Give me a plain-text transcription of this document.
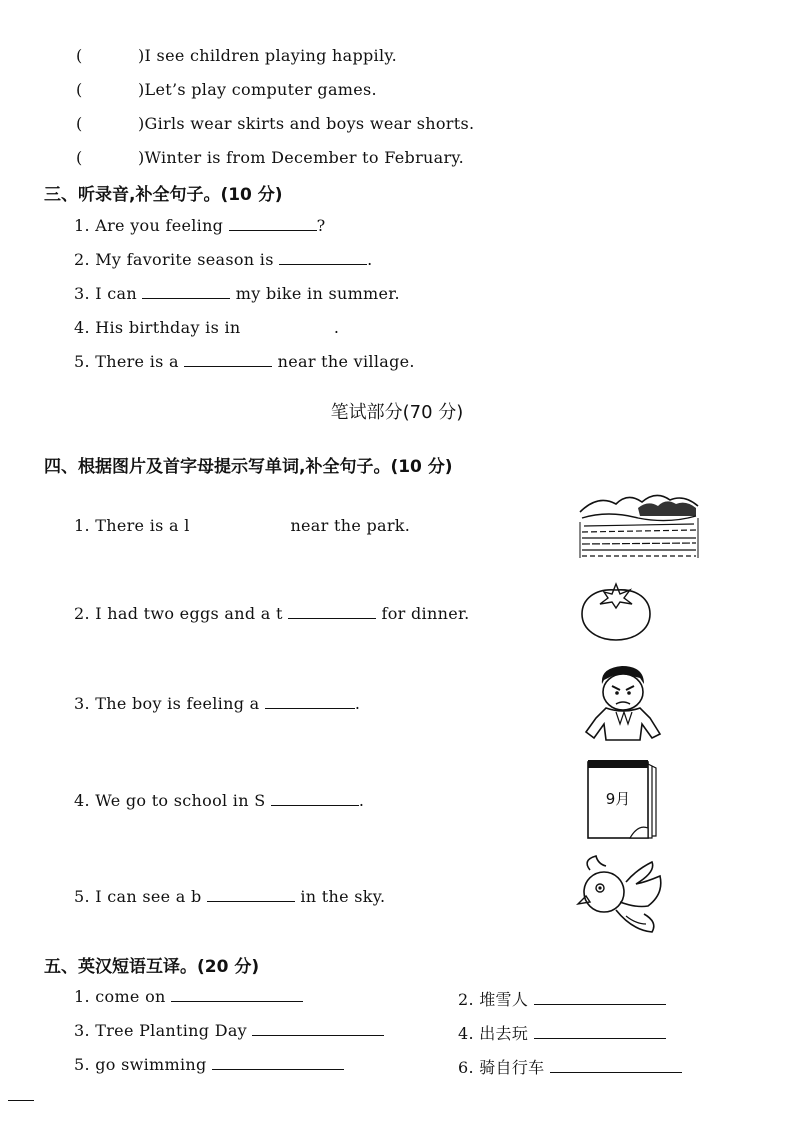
(	)I see children playing happily.
(	)Let’s play computer games.
(	)Girls wear skirts and boys wear shorts.
(	)Winter is from December to February.
三、听录音,补全句子。(10 分)
1. Are you feeling	?
2. My favorite season is	.
3. I can	my bike in summer.
4. His birthday is in	.
5. There is a	near the village.
笔试部分(70 分)
四、根据图片及首字母提示写单词,补全句子。(10 分)
1. There is a l	near the park.
2. I had two eggs and a t	for dinner.
3. The boy is feeling a	.
4. We go to school in S	.
5. I can see a b	in the sky.
9月
五、英汉短语互译。(20 分)
1. come on
3. Tree Planting Day
5. go swimming
2. 堆雪人
4. 出去玩
6. 骑自行车
